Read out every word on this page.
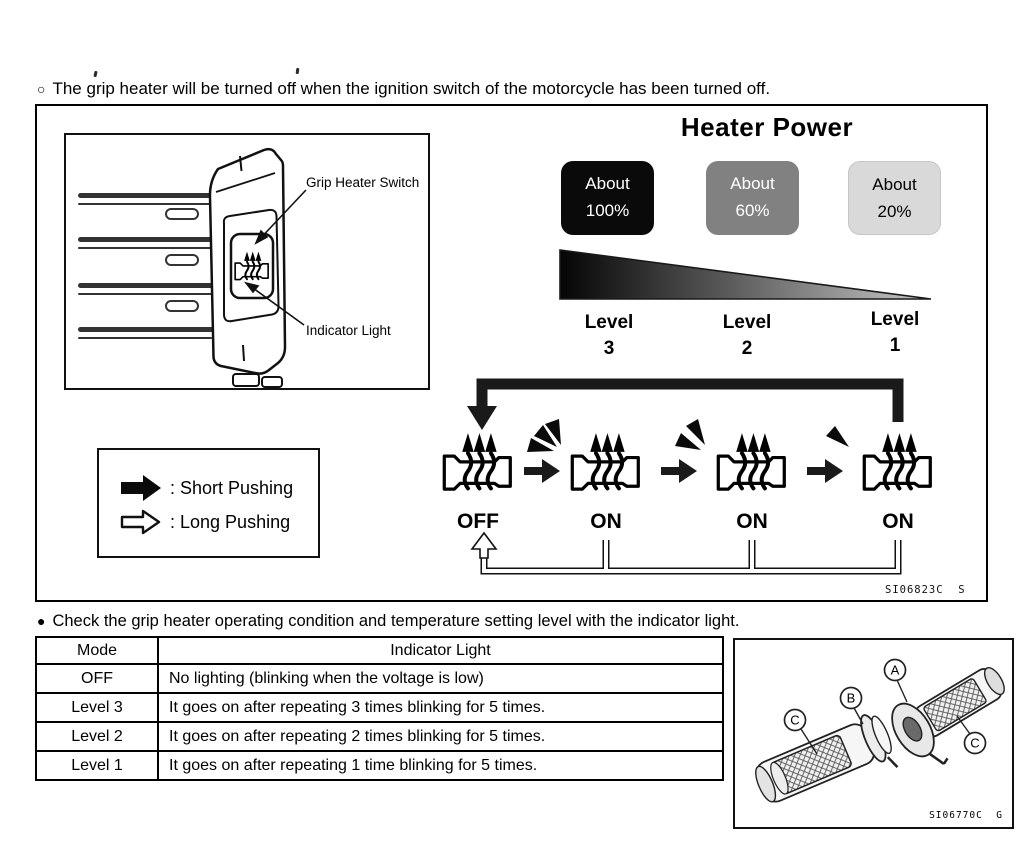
○ The grip heater will be turned off when the ignition switch of the motorcycle has been turned off.
Grip Heater Switch
Indicator Light
: Short Pushing
: Long Pushing
Heater Power
About
100%
About
60%
About
20%
Level
3
Level
2
Level
1
OFF	ON	ON	ON
SI06823C  S
● Check the grip heater operating condition and temperature setting level with the indicator light.
Mode	Indicator Light
OFF	No lighting (blinking when the voltage is low)
Level 3	It goes on after repeating 3 times blinking for 5 times.
Level 2	It goes on after repeating 2 times blinking for 5 times.
Level 1	It goes on after repeating 1 time blinking for 5 times.
A
B
C
C
SI06770C  G
